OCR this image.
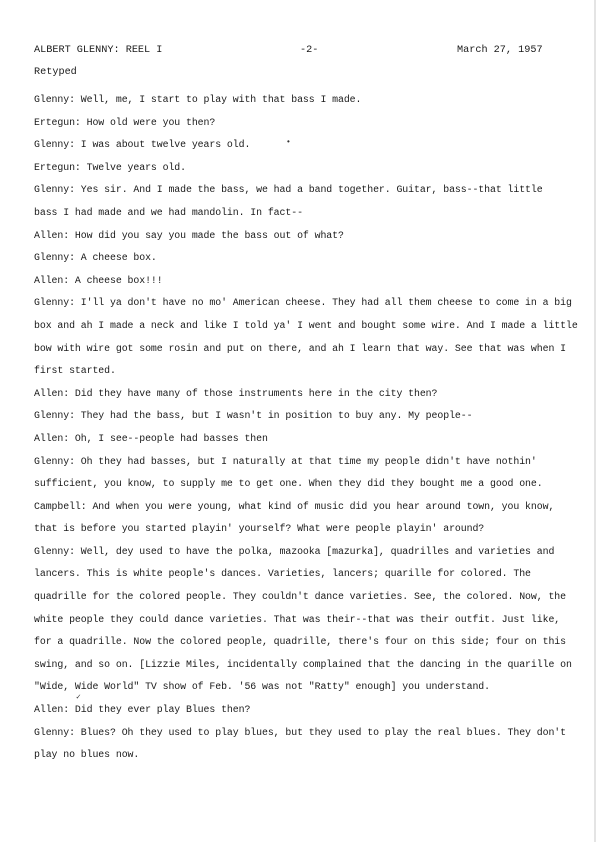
ALBERT GLENNY: REEL I	-2-	March 27, 1957
Retyped
•
✓
Glenny: Well, me, I start to play with that bass I made.
Ertegun: How old were you then?
Glenny: I was about twelve years old.
Ertegun: Twelve years old.
Glenny: Yes sir. And I made the bass, we had a band together. Guitar, bass--that little
bass I had made and we had mandolin. In fact--
Allen: How did you say you made the bass out of what?
Glenny: A cheese box.
Allen: A cheese box!!!
Glenny: I'll ya don't have no mo' American cheese. They had all them cheese to come in a big
box and ah I made a neck and like I told ya' I went and bought some wire. And I made a little
bow with wire got some rosin and put on there, and ah I learn that way. See that was when I
first started.
Allen: Did they have many of those instruments here in the city then?
Glenny: They had the bass, but I wasn't in position to buy any. My people--
Allen: Oh, I see--people had basses then
Glenny: Oh they had basses, but I naturally at that time my people didn't have nothin'
sufficient, you know, to supply me to get one. When they did they bought me a good one.
Campbell: And when you were young, what kind of music did you hear around town, you know,
that is before you started playin' yourself? What were people playin' around?
Glenny: Well, dey used to have the polka, mazooka [mazurka], quadrilles and varieties and
lancers. This is white people's dances. Varieties, lancers; quarille for colored. The
quadrille for the colored people. They couldn't dance varieties. See, the colored. Now, the
white people they could dance varieties. That was their--that was their outfit. Just like,
for a quadrille. Now the colored people, quadrille, there's four on this side; four on this
swing, and so on. [Lizzie Miles, incidentally complained that the dancing in the quarille on
"Wide, Wide World" TV show of Feb. '56 was not "Ratty" enough] you understand.
Allen: Did they ever play Blues then?
Glenny: Blues? Oh they used to play blues, but they used to play the real blues. They don't
play no blues now.
